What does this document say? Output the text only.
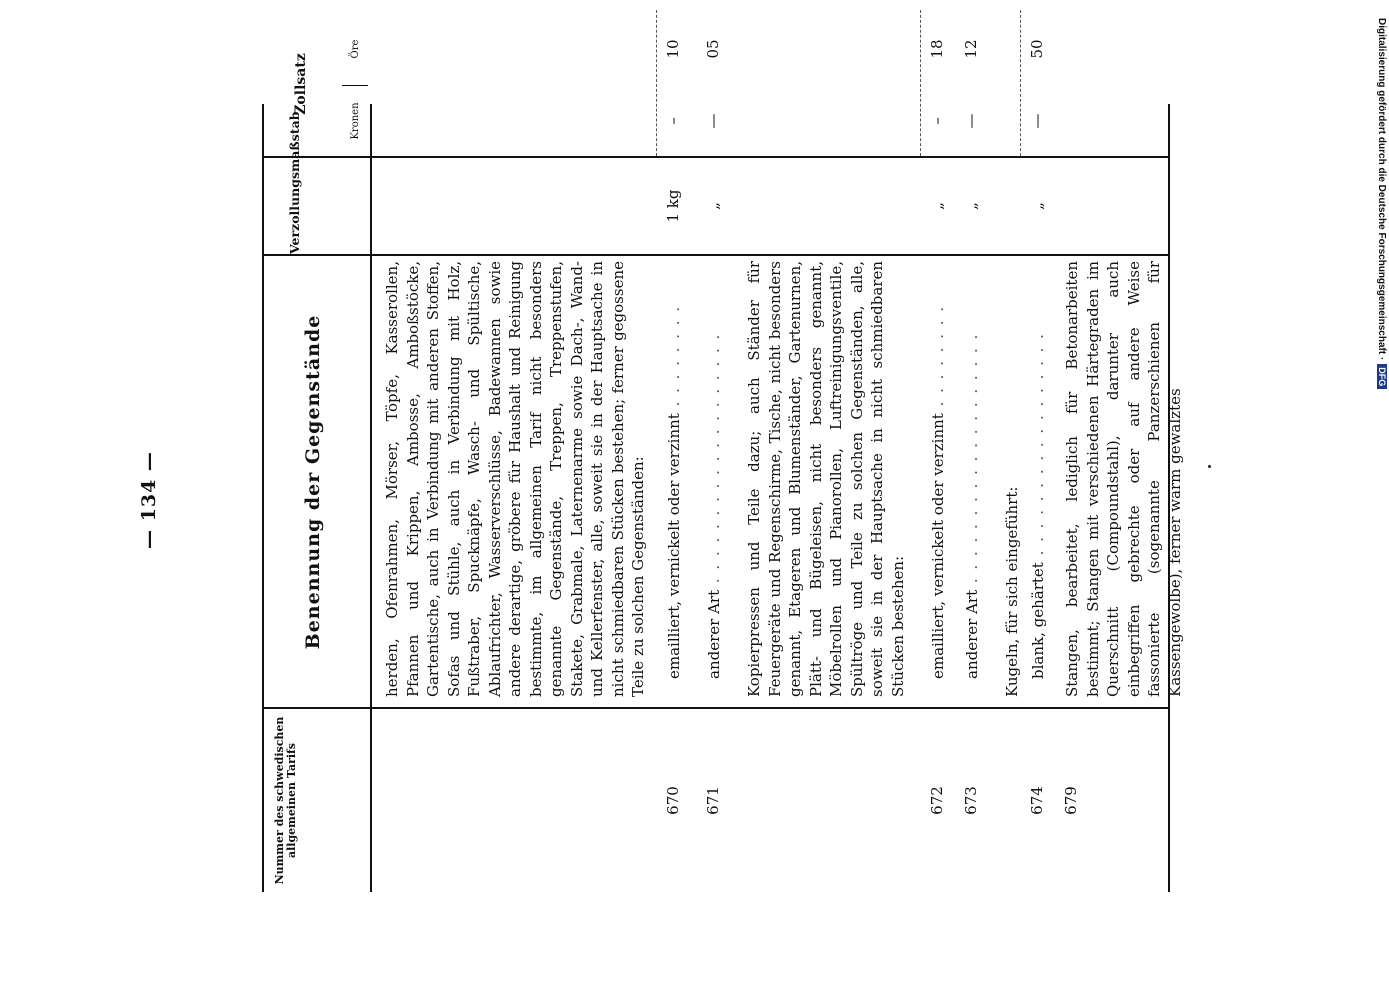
— 134 —
Nummer des schwedischen allgemeinen Tarifs
Benennung der Gegenstände
Verzollungsmaßstab
Zollsatz
Kronen
Öre
herden, Ofenrahmen, Mörser, Töpfe, Kasserollen, Pfannen und Krippen, Ambosse, Amboßstöcke, Gartentische, auch in Verbindung mit anderen Stoffen, Sofas und Stühle, auch in Verbindung mit Holz, Fußtraber, Spucknäpfe, Wasch- und Spültische, Ablaufrichter, Wasserverschlüsse, Badewannen sowie andere derartige, gröbere für Haushalt und Reinigung bestimmte, im allgemeinen Tarif nicht besonders genannte Gegenstände, Treppen, Treppenstufen, Stakete, Grabmale, Laternenarme sowie Dach-, Wand- und Kellerfenster, alle, soweit sie in der Hauptsache in nicht schmiedbaren Stücken bestehen; ferner gegossene Teile zu solchen Gegenständen:
670
emailliert, vernickelt oder verzinnt . . . . . . . .
1 kg
–
10
671
anderer Art . . . . . . . . . . . . . . . . . . .
„
—
05
Kopierpressen und Teile dazu; auch Ständer für Feuergeräte und Regenschirme, Tische, nicht besonders genannt, Etageren und Blumenständer, Gartenurnen, Plätt- und Bügeleisen, nicht besonders genannt, Möbelrollen und Pianorollen, Luftreinigungsventile, Spültröge und Teile zu solchen Gegenständen, alle, soweit sie in der Hauptsache in nicht schmiedbaren Stücken bestehen:
672
emailliert, vernickelt oder verzinnt . . . . . . . .
„
–
18
673
anderer Art . . . . . . . . . . . . . . . . . . .
„
—
12
Kugeln, für sich eingeführt:
674
blank, gehärtet . . . . . . . . . . . . . . . . .
„
—
50
679
Stangen, bearbeitet, lediglich für Betonarbeiten bestimmt; Stangen mit verschiedenen Härtegraden im Querschnitt (Compoundstahl), darunter auch einbegriffen gebrechte oder auf andere Weise fassonierte (sogenannte Panzerschienen für Kassengewölbe), ferner warm gewalztes
Digitalisierung gefördert durch die Deutsche Forschungsgemeinschaft ·DFG
